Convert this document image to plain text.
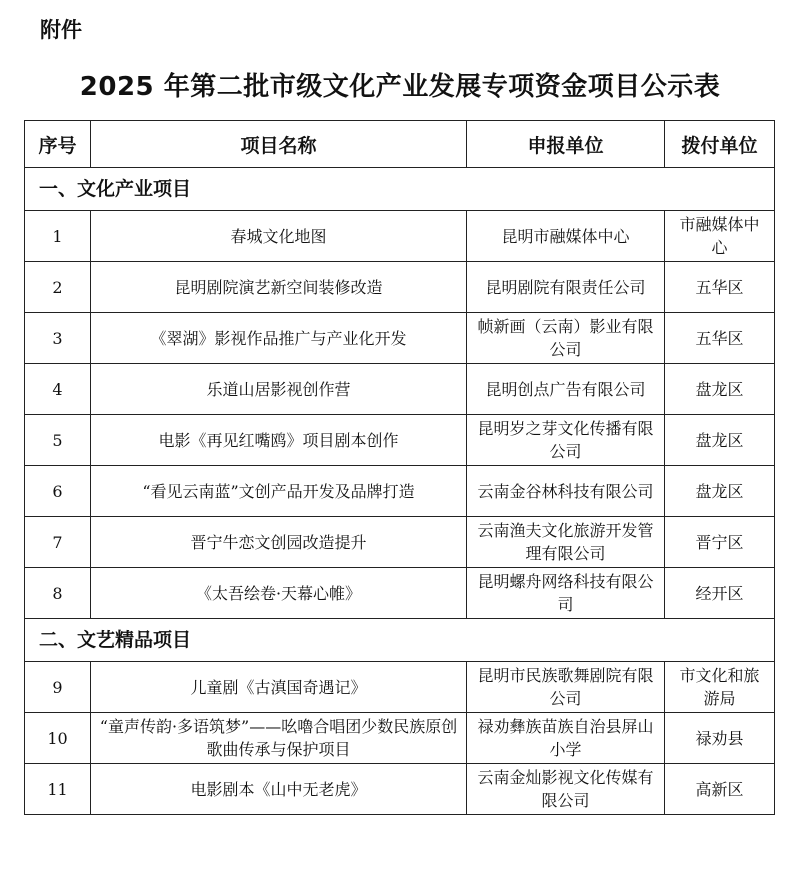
附件
2025 年第二批市级文化产业发展专项资金项目公示表
序号	项目名称	申报单位	拨付单位
一、文化产业项目			
1	春城文化地图	昆明市融媒体中心	市融媒体中心
2	昆明剧院演艺新空间装修改造	昆明剧院有限责任公司	五华区
3	《翠湖》影视作品推广与产业化开发	帧新画（云南）影业有限公司	五华区
4	乐道山居影视创作营	昆明创点广告有限公司	盘龙区
5	电影《再见红嘴鸥》项目剧本创作	昆明岁之芽文化传播有限公司	盘龙区
6	“看见云南蓝”文创产品开发及品牌打造	云南金谷林科技有限公司	盘龙区
7	晋宁牛恋文创园改造提升	云南渔夫文化旅游开发管理有限公司	晋宁区
8	《太吾绘卷·天幕心帷》	昆明螺舟网络科技有限公司	经开区
二、文艺精品项目			
9	儿童剧《古滇国奇遇记》	昆明市民族歌舞剧院有限公司	市文化和旅游局
10	“童声传韵·多语筑梦”——吆嚕合唱团少数民族原创歌曲传承与保护项目	禄劝彝族苗族自治县屏山小学	禄劝县
11	电影剧本《山中无老虎》	云南金灿影视文化传媒有限公司	高新区
